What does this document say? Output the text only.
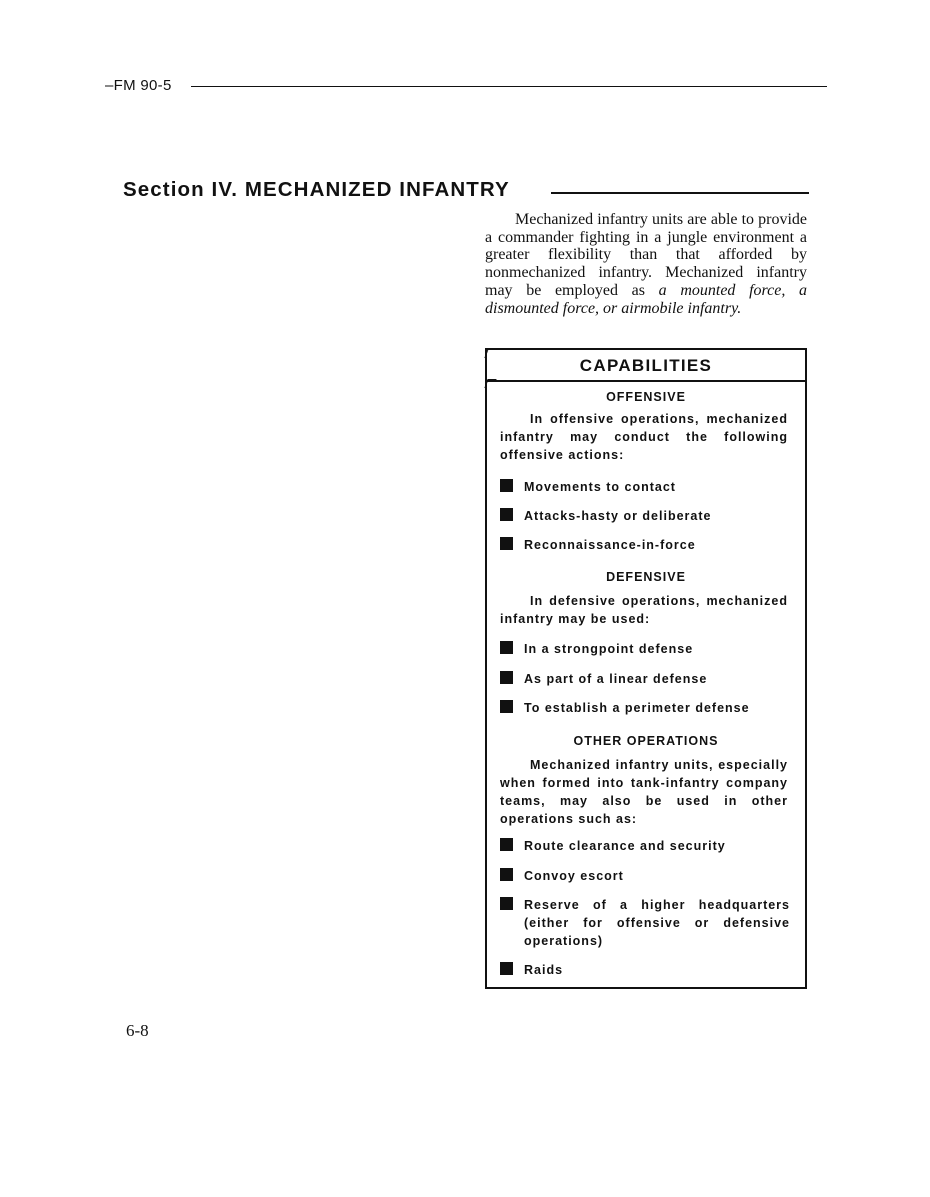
–FM 90-5
Section IV. MECHANIZED INFANTRY
Mechanized infantry units are able to provide a commander fighting in a jungle environment a greater flexibility than that afforded by nonmechanized infantry. Mechanized infantry may be employed as a mounted force, a dismounted force, or airmobile infantry.
CAPABILITIES
OFFENSIVE
In offensive operations, mechanized infantry may conduct the following offensive actions:
Movements to contact
Attacks-hasty or deliberate
Reconnaissance-in-force
DEFENSIVE
In defensive operations, mechanized infantry may be used:
In a strongpoint defense
As part of a linear defense
To establish a perimeter defense
OTHER OPERATIONS
Mechanized infantry units, especially when formed into tank-infantry company teams, may also be used in other operations such as:
Route clearance and security
Convoy escort
Reserve of a higher headquarters (either for offensive or defensive operations)
Raids
6-8
